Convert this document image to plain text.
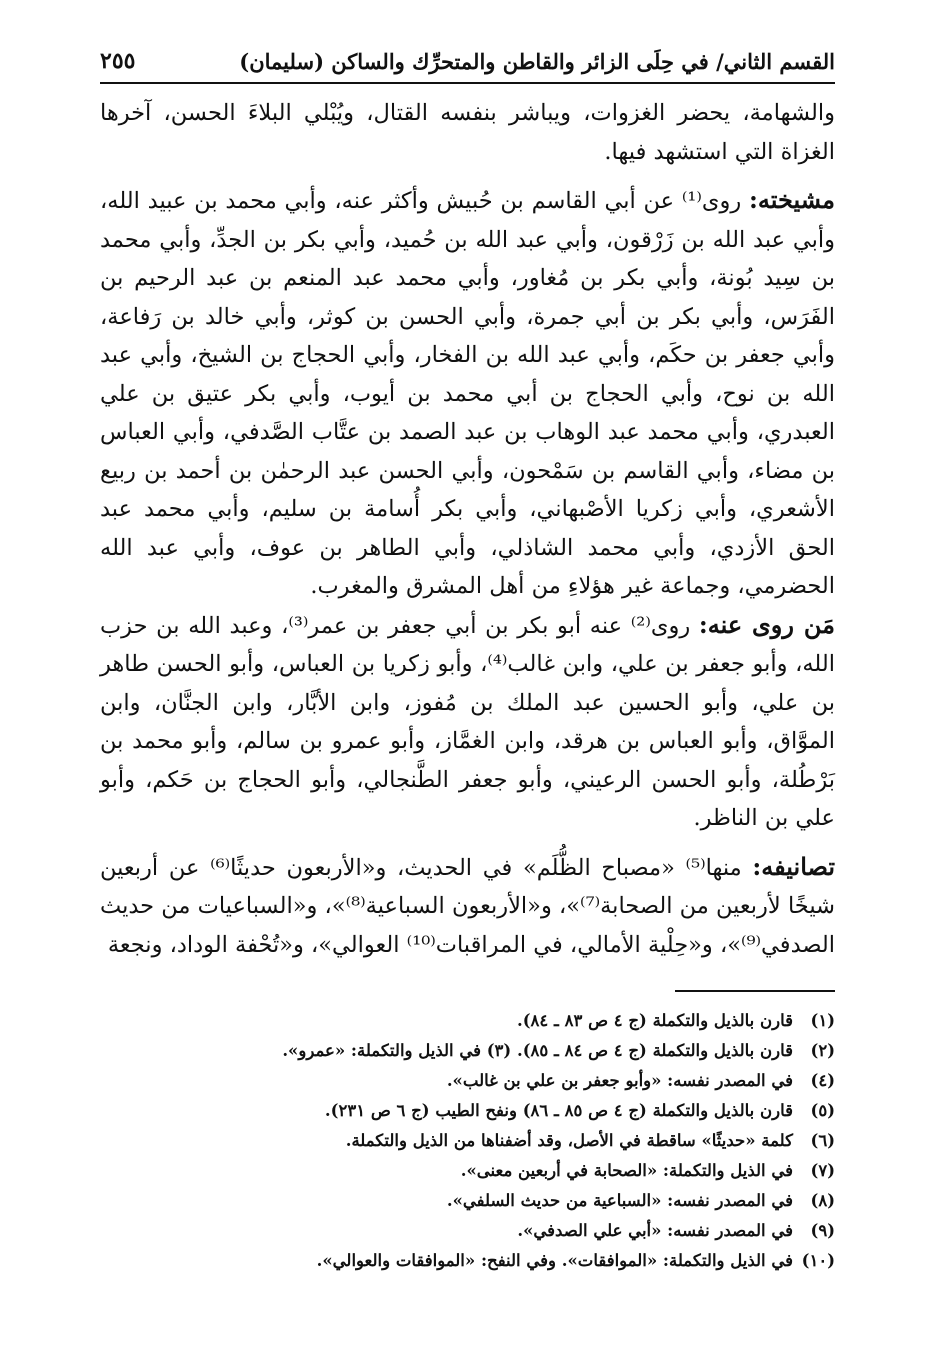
القسم الثاني/ في حِلَى الزائر والقاطن والمتحرِّك والساكن (سليمان)
٢٥٥

والشهامة، يحضر الغزوات، ويباشر بنفسه القتال، ويُبْلي البلاءَ الحسن، آخرها الغزاة التي استشهد فيها.

مشيخته: روى⁽¹⁾ عن أبي القاسم بن حُبيش وأكثر عنه، وأبي محمد بن عبيد الله، وأبي عبد الله بن زَرْقون، وأبي عبد الله بن حُميد، وأبي بكر بن الجدِّ، وأبي محمد بن سِيد بُونة، وأبي بكر بن مُغاور، وأبي محمد عبد المنعم بن عبد الرحيم بن الفَرَس، وأبي بكر بن أبي جمرة، وأبي الحسن بن كوثر، وأبي خالد بن رَفاعة، وأبي جعفر بن حكَم، وأبي عبد الله بن الفخار، وأبي الحجاج بن الشيخ، وأبي عبد الله بن نوح، وأبي الحجاج بن أبي محمد بن أيوب، وأبي بكر عتيق بن علي العبدري، وأبي محمد عبد الوهاب بن عبد الصمد بن عتَّاب الصَّدفي، وأبي العباس بن مضاء، وأبي القاسم بن سَمْحون، وأبي الحسن عبد الرحمٰن بن أحمد بن ربيع الأشعري، وأبي زكريا الأصْبهاني، وأبي بكر أُسامة بن سليم، وأبي محمد عبد الحق الأزدي، وأبي محمد الشاذلي، وأبي الطاهر بن عوف، وأبي عبد الله الحضرمي، وجماعة غير هؤلاءِ من أهل المشرق والمغرب.

مَن روى عنه: روى⁽²⁾ عنه أبو بكر بن أبي جعفر بن عمر⁽³⁾، وعبد الله بن حزب الله، وأبو جعفر بن علي، وابن غالب⁽⁴⁾، وأبو زكريا بن العباس، وأبو الحسن طاهر بن علي، وأبو الحسين عبد الملك بن مُفوز، وابن الأبَّار، وابن الجنَّان، وابن الموَّاق، وأبو العباس بن هرقد، وابن الغمَّاز، وأبو عمرو بن سالم، وأبو محمد بن بَرْطُلة، وأبو الحسن الرعيني، وأبو جعفر الطَّنجالي، وأبو الحجاج بن حَكم، وأبو علي بن الناظر.

تصانيفه: منها⁽⁵⁾ «مصباح الظُّلَم» في الحديث، و«الأربعون حديثًا⁽⁶⁾ عن أربعين شيخًا لأربعين من الصحابة⁽⁷⁾»، و«الأربعون السباعية⁽⁸⁾»، و«السباعيات من حديث الصدفي⁽⁹⁾»، و«حِلْية الأمالي، في المراقبات⁽¹⁰⁾ العوالي»، و«تُحْفة الوداد، ونجعة

(١)
قارن بالذيل والتكملة (ج ٤ ص ٨٣ ـ ٨٤).
(٢)
قارن بالذيل والتكملة (ج ٤ ص ٨٤ ـ ٨٥). (٣) في الذيل والتكملة: «عمرو».
(٤)
في المصدر نفسه: «وأبو جعفر بن علي بن غالب».
(٥)
قارن بالذيل والتكملة (ج ٤ ص ٨٥ ـ ٨٦) ونفح الطيب (ج ٦ ص ٢٣١).
(٦)
كلمة «حديثًا» ساقطة في الأصل، وقد أضفناها من الذيل والتكملة.
(٧)
في الذيل والتكملة: «الصحابة في أربعين معنى».
(٨)
في المصدر نفسه: «السباعية من حديث السلفي».
(٩)
في المصدر نفسه: «أبي علي الصدفي».
(١٠)
في الذيل والتكملة: «الموافقات». وفي النفح: «الموافقات والعوالي».
